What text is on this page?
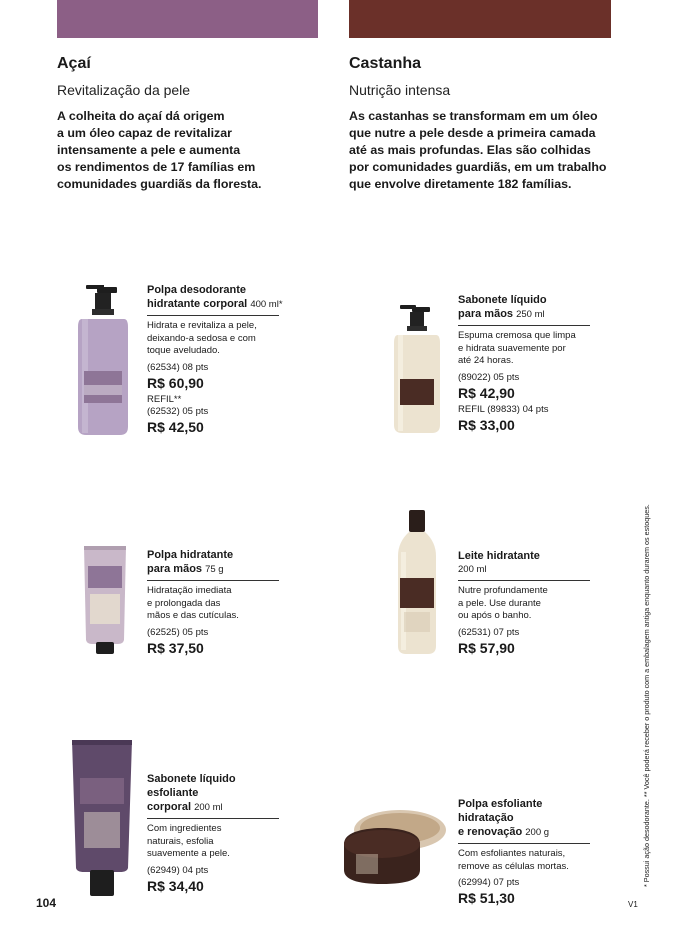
Açaí
Revitalização da pele
A colheita do açaí dá origem
a um óleo capaz de revitalizar
intensamente a pele e aumenta
os rendimentos de 17 famílias em
comunidades guardiãs da floresta.
Castanha
Nutrição intensa
As castanhas se transformam em um óleo
que nutre a pele desde a primeira camada
até as mais profundas. Elas são colhidas
por comunidades guardiãs, em um trabalho
que envolve diretamente 182 famílias.
Polpa desodorante
hidratante corporal 400 ml*
Hidrata e revitaliza a pele,
deixando-a sedosa e com
toque aveludado.
(62534) 08 pts
R$ 60,90
REFIL**
(62532) 05 pts
R$ 42,50
Polpa hidratante
para mãos 75 g
Hidratação imediata
e prolongada das
mãos e das cutículas.
(62525) 05 pts
R$ 37,50
Sabonete líquido
esfoliante
corporal 200 ml
Com ingredientes
naturais, esfolia
suavemente a pele.
(62949) 04 pts
R$ 34,40
Sabonete líquido
para mãos 250 ml
Espuma cremosa que limpa
e hidrata suavemente por
até 24 horas.
(89022) 05 pts
R$ 42,90
REFIL (89833) 04 pts
R$ 33,00
Leite hidratante
200 ml
Nutre profundamente
a pele. Use durante
ou após o banho.
(62531) 07 pts
R$ 57,90
Polpa esfoliante hidratação
e renovação 200 g
Com esfoliantes naturais,
remove as células mortas.
(62994) 07 pts
R$ 51,30
104	V1
* Possui ação desodorante. ** Você poderá receber o produto com a embalagem antiga enquanto durarem os estoques.
